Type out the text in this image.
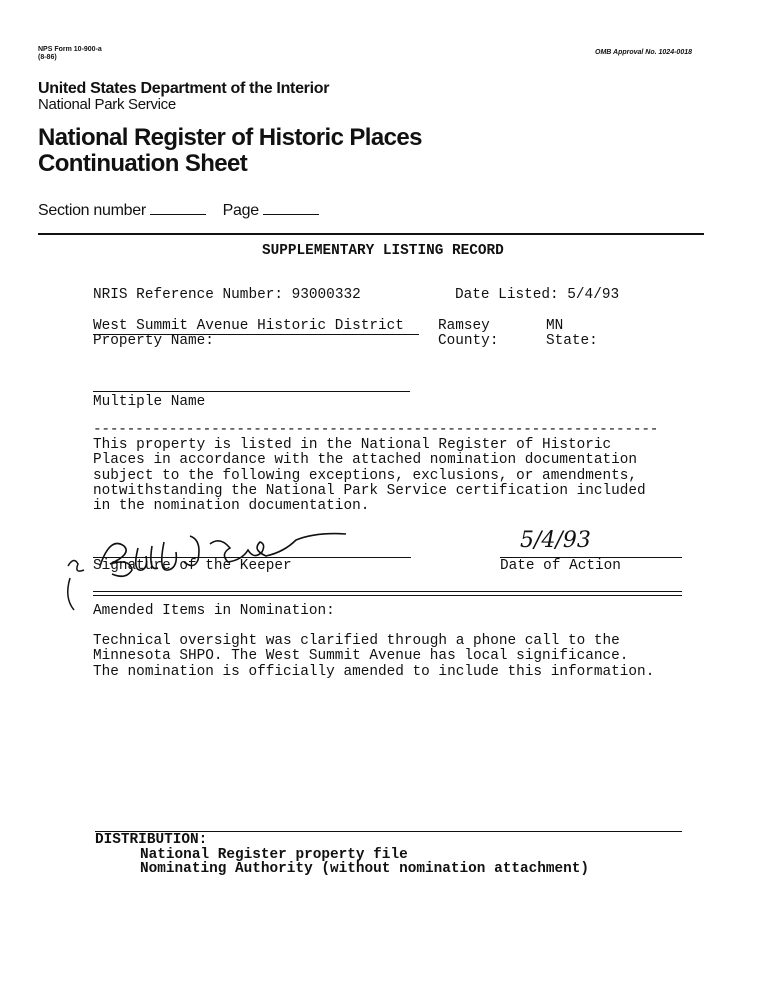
NPS Form 10-900-a
(8-86)
OMB Approval No. 1024-0018
United States Department of the Interior
National Park Service
National Register of Historic Places
Continuation Sheet
Section number	Page
SUPPLEMENTARY LISTING RECORD
NRIS Reference Number: 93000332	Date Listed: 5/4/93
West Summit Avenue Historic District
Property Name:
Ramsey
County:
MN
State:
Multiple Name
-------------------------------------------------------------------
This property is listed in the National Register of Historic
Places in accordance with the attached nomination documentation
subject to the following exceptions, exclusions, or amendments,
notwithstanding the National Park Service certification included
in the nomination documentation.
Signature of the Keeper
5/4/93
Date of Action
Amended Items in Nomination:
Technical oversight was clarified through a phone call to the
Minnesota SHPO. The West Summit Avenue has local significance.
The nomination is officially amended to include this information.
DISTRIBUTION:
National Register property file
Nominating Authority (without nomination attachment)
